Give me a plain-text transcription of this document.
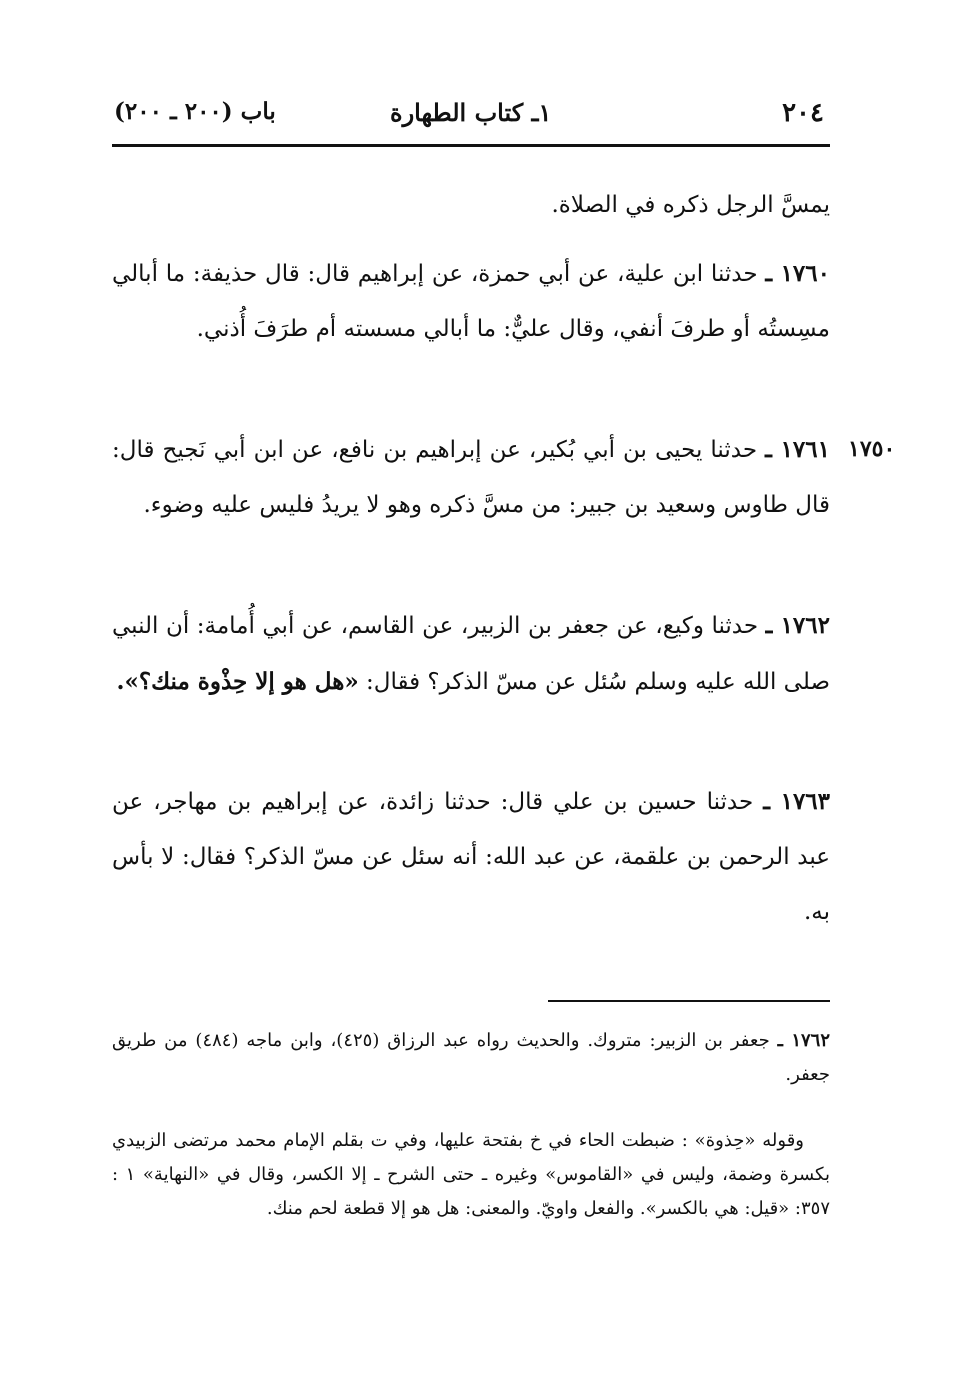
٢٠٤
١ـ كتاب الطهارة
باب (٢٠٠ ـ ٢٠٠)

يمسَّ الرجل ذكره في الصلاة.

١٧٦٠ ـ حدثنا ابن علية، عن أبي حمزة، عن إبراهيم قال: قال حذيفة: ما أبالي مسِستُه أو طرفَ أنفي، وقال عليٌّ: ما أبالي مسسته أم طرَفَ أُذني.

١٧٥٠

١٧٦١ ـ حدثنا يحيى بن أبي بُكير، عن إبراهيم بن نافع، عن ابن أبي نَجيح قال: قال طاوس وسعيد بن جبير: من مسَّ ذكره وهو لا يريدُ فليس عليه وضوء.

١٧٦٢ ـ حدثنا وكيع، عن جعفر بن الزبير، عن القاسم، عن أبي أُمامة: أن النبي صلى الله عليه وسلم سُئل عن مسّ الذكر؟ فقال: «هل هو إلا حِذْوة منك؟».

١٧٦٣ ـ حدثنا حسين بن علي قال: حدثنا زائدة، عن إبراهيم بن مهاجر، عن عبد الرحمن بن علقمة، عن عبد الله: أنه سئل عن مسّ الذكر؟ فقال: لا بأس به.

١٧٦٢ ـ جعفر بن الزبير: متروك. والحديث رواه عبد الرزاق (٤٢٥)، وابن ماجه (٤٨٤) من طريق جعفر.

وقوله «حِذوة» : ضبطت الحاء في خ بفتحة عليها، وفي ت بقلم الإمام محمد مرتضى الزبيدي بكسرة وضمة، وليس في «القاموس» وغيره ـ حتى الشرح ـ إلا الكسر، وقال في «النهاية» ١ : ٣٥٧: «قيل: هي بالكسر». والفعل واويّ. والمعنى: هل هو إلا قطعة لحم منك.
